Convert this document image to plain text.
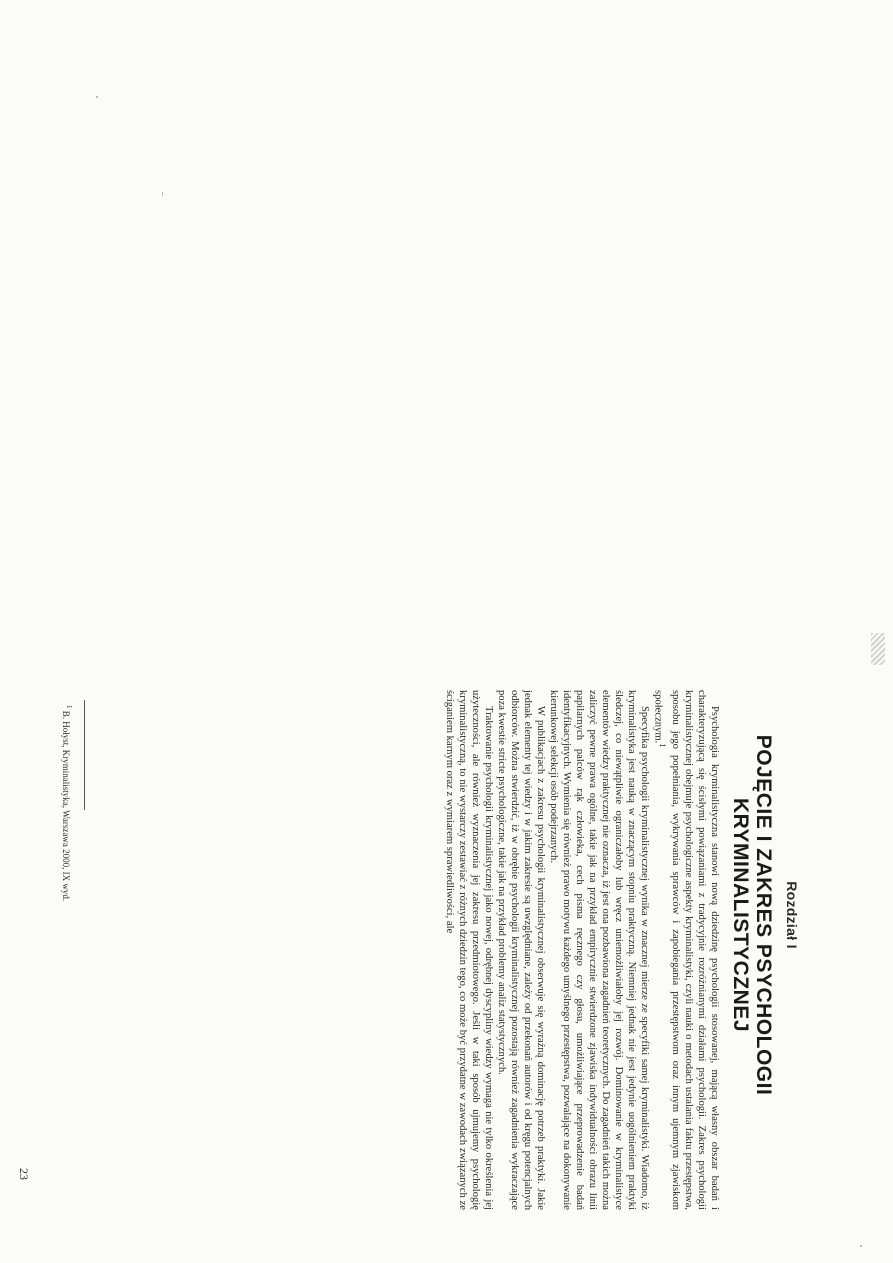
Rozdział I
POJĘCIE I ZAKRES PSYCHOLOGII KRYMINALISTYCZNEJ

Psychologia kryminalistyczna stanowi nową dziedzinę psychologii stosowanej, mającą własny obszar badań i charakteryzującą się ścisłymi powiązaniami z tradycyjnie rozróżnianymi działami psychologii. Zakres psychologii kryminalistycznej obejmuje psychologiczne aspekty kryminalistyki, czyli nauki o metodach ustalania faktu przestępstwa, sposobu jego popełniania, wykrywania sprawców i zapobiegania przestępstwom oraz innym ujemnym zjawiskom społecznym.$^1$

Specyfika psychologii kryminalistycznej wynika w znacznej mierze ze specyfiki samej kryminalistyki. Wiadomo, iż kryminalistyka jest nauką w znaczącym stopniu praktyczną. Niemniej jednak nie jest jedynie uogólnieniem praktyki śledczej, co niewątpliwie ograniczałoby lub wręcz uniemożliwiałoby jej rozwój. Dominowanie w kryminalistyce elementów wiedzy praktycznej nie oznacza, iż jest ona pozbawiona zagadnień teoretycznych. Do zagadnień takich można zaliczyć pewne prawa ogólne, takie jak na przykład empirycznie stwierdzone zjawiska indywidualności obrazu linii papilarnych palców rąk człowieka, cech pisma ręcznego czy głosu, umożliwiające przeprowadzenie badań identyfikacyjnych. Wymienia się również prawo motywu każdego umyślnego przestępstwa, pozwalające na dokonywanie kierunkowej selekcji osób podejrzanych.

W publikacjach z zakresu psychologii kryminalistycznej obserwuje się wyraźną dominację potrzeb praktyki. Jakie jednak elementy tej wiedzy i w jakim zakresie są uwzględniane, zależy od przekonań autorów i od kręgu potencjalnych odbiorców. Można stwierdzić, iż w obrębie psychologii kryminalistycznej pozostają również zagadnienia wykraczające poza kwestie stricte psychologiczne, takie jak na przykład problemy analiz statystycznych.

Traktowanie psychologii kryminalistycznej jako nowej, odrębnej dyscypliny wiedzy wymaga nie tylko określenia jej użyteczności, ale również wyznaczenia jej zakresu przedmiotowego. Jeśli w taki sposób ujmujemy psychologię kryminalistyczną, to nie wystarczy zestawiać z różnych dziedzin tego, co może być przydatne w zawodach związanych ze ściganiem karnym oraz z wymiarem sprawiedliwości, ale

$^1$ B. Hołyst, Kryminalistyka, Warszawa 2000, IX wyd.
23
